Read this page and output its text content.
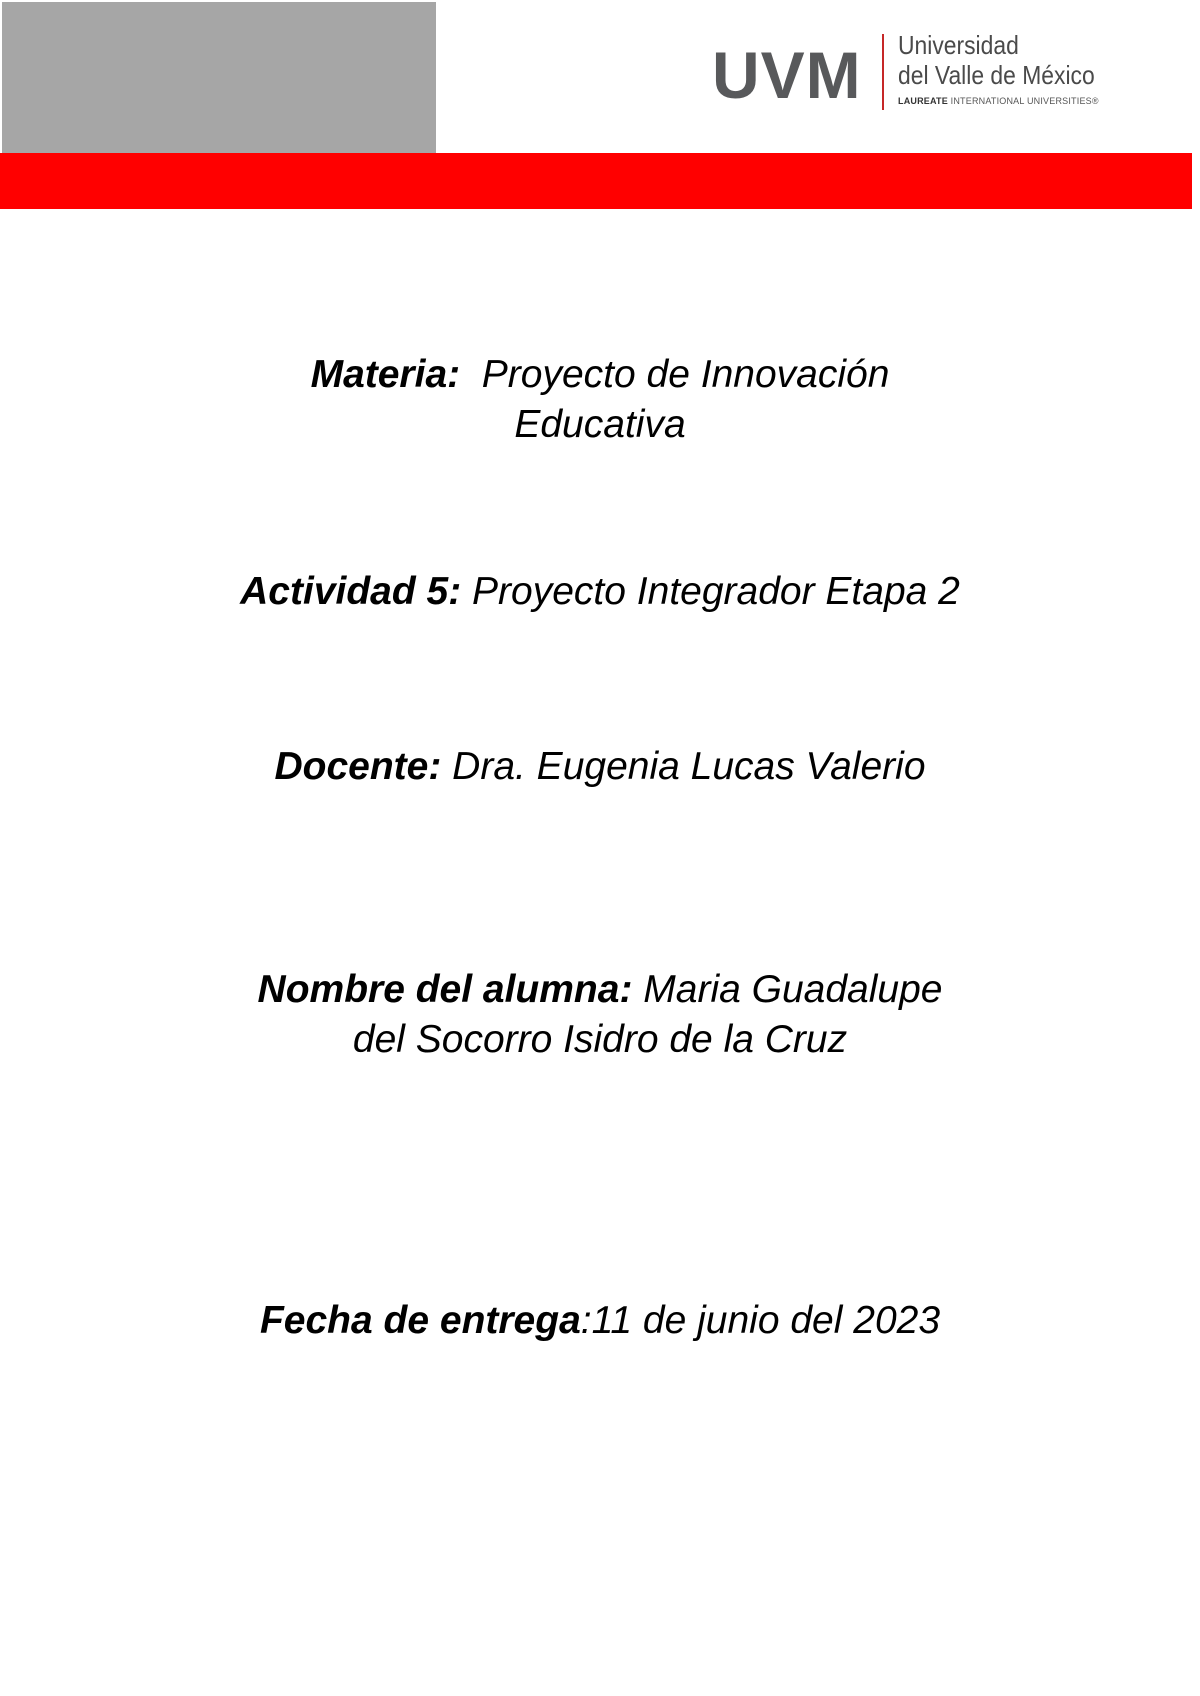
UVM Universidad
del Valle de México
LAUREATE INTERNATIONAL UNIVERSITIES®
Materia: Proyecto de Innovación
Educativa
Actividad 5: Proyecto Integrador Etapa 2
Docente: Dra. Eugenia Lucas Valerio
Nombre del alumna: Maria Guadalupe
del Socorro Isidro de la Cruz
Fecha de entrega:11 de junio del 2023
